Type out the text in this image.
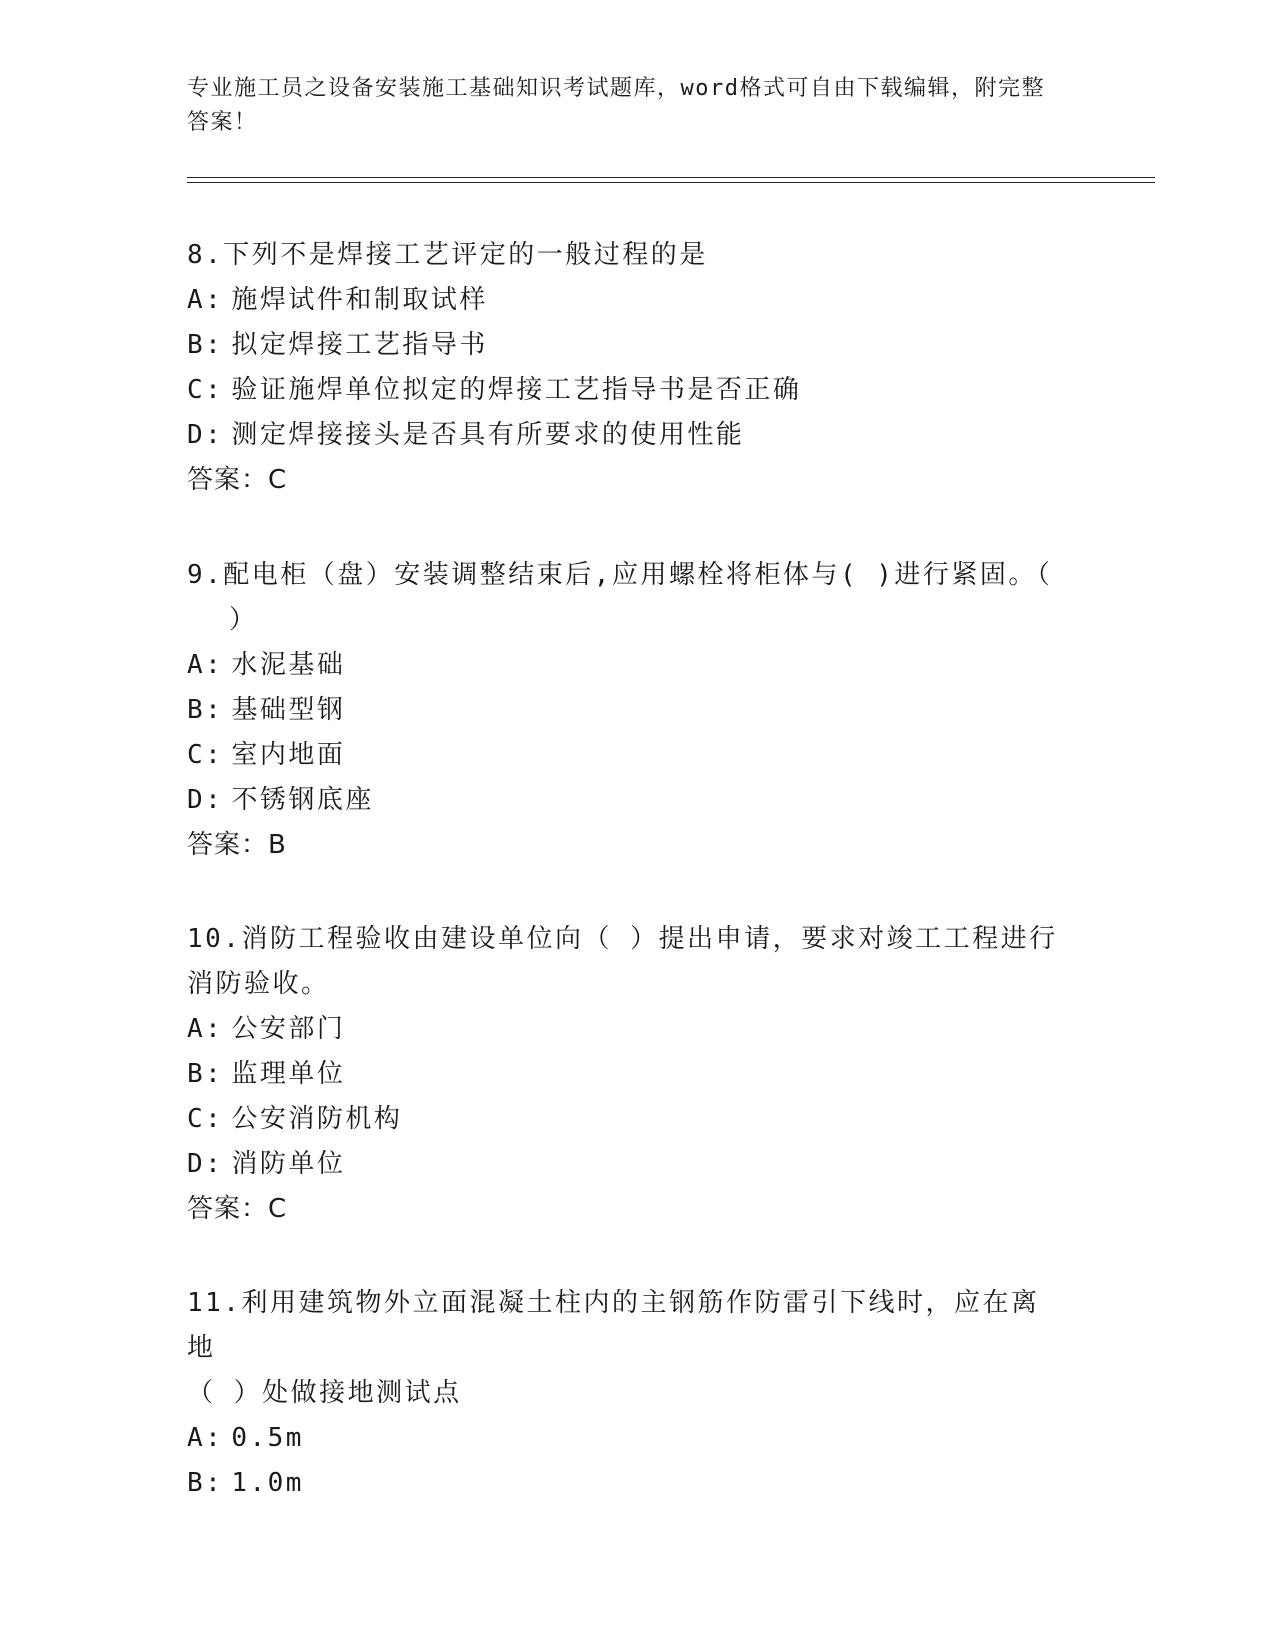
专业施工员之设备安装施工基础知识考试题库，word格式可自由下载编辑，附完整答案！

8.下列不是焊接工艺评定的一般过程的是

A: 施焊试件和制取试样

B: 拟定焊接工艺指导书

C: 验证施焊单位拟定的焊接工艺指导书是否正确

D: 测定焊接接头是否具有所要求的使用性能

答案：C

9.配电柜（盘）安装调整结束后,应用螺栓将柜体与( )进行紧固。（

）

A: 水泥基础

B: 基础型钢

C: 室内地面

D: 不锈钢底座

答案：B

10.消防工程验收由建设单位向（ ）提出申请，要求对竣工工程进行

消防验收。

A: 公安部门

B: 监理单位

C: 公安消防机构

D: 消防单位

答案：C

11.利用建筑物外立面混凝土柱内的主钢筋作防雷引下线时，应在离地

（ ）处做接地测试点

A: 0.5m

B: 1.0m
